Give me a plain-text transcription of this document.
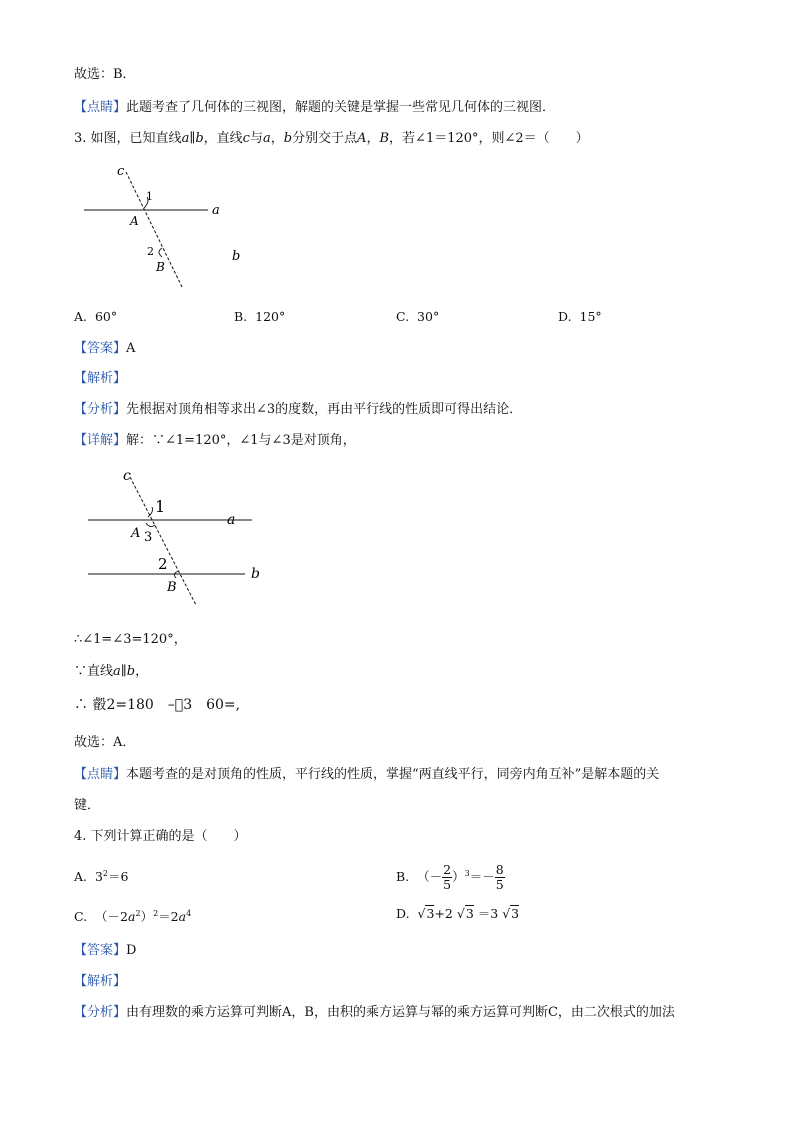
故选：B．
【点睛】此题考查了几何体的三视图，解题的关键是掌握一些常见几何体的三视图．
3. 如图，已知直线a∥b，直线c与a，b分别交于点A，B，若∠1＝120°，则∠2＝（　　）
c
1
a
A
2
B
b
A. 60°	B. 120°	C. 30°	D. 15°
【答案】A
【解析】
【分析】先根据对顶角相等求出∠3的度数，再由平行线的性质即可得出结论．
【详解】解：∵∠1=120°，∠1与∠3是对顶角，
c
1
a
A 3
2
B
b
∴∠1=∠3=120°，
∵直线a∥b，
∴ 㲊2=180　–􀀀3　60=,
故选：A．
【点睛】本题考查的是对顶角的性质，平行线的性质，掌握“两直线平行，同旁内角互补”是解本题的关
键．
4. 下列计算正确的是（　　）
A. $3^2=6$	B. （－ $\frac{2}{5} )^3=- \frac{8}{5}$
C. $(-2a^2)^2=2a^4$	D. √3+2 √3 ＝3 √3
【答案】D
【解析】
【分析】由有理数的乘方运算可判断A，B，由积的乘方运算与幂的乘方运算可判断C，由二次根式的加法
